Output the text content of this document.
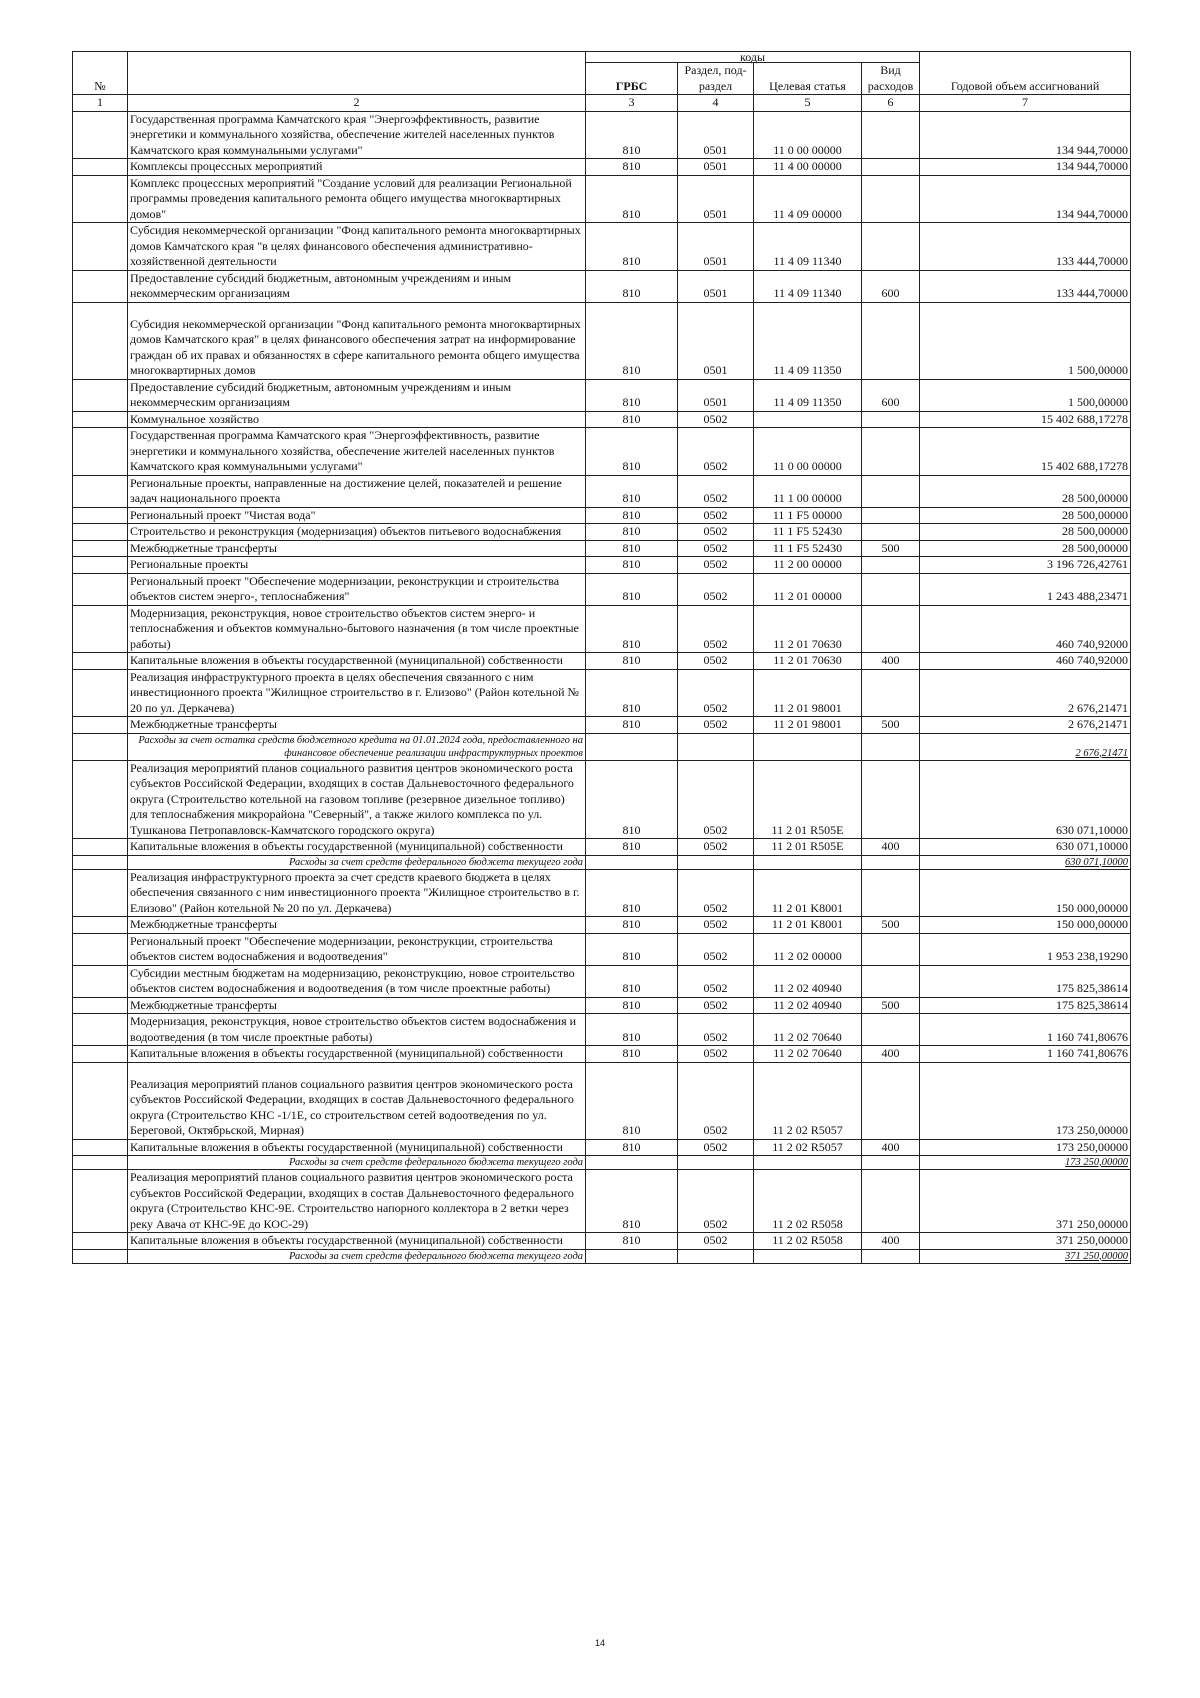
№		коды				Годовой объем ассигнований
		ГРБС	Раздел, под-раздел	Целевая статья	Вид расходов	
1	2	3	4	5	6	7
	Государственная программа Камчатского края "Энергоэффективность, развитие энергетики и коммунального хозяйства, обеспечение жителей населенных пунктов Камчатского края коммунальными услугами"	810	0501	11 0 00 00000		134 944,70000
	Комплексы процессных мероприятий	810	0501	11 4 00 00000		134 944,70000
	Комплекс процессных мероприятий "Создание условий для реализации Региональной программы проведения капитального ремонта общего имущества многоквартирных домов"	810	0501	11 4 09 00000		134 944,70000
	Субсидия некоммерческой организации "Фонд капитального ремонта многоквартирных домов Камчатского края "в целях финансового обеспечения административно-хозяйственной деятельности	810	0501	11 4 09 11340		133 444,70000
	Предоставление субсидий бюджетным, автономным учреждениям и иным некоммерческим организациям	810	0501	11 4 09 11340	600	133 444,70000
	Субсидия некоммерческой организации "Фонд капитального ремонта многоквартирных домов Камчатского края" в целях финансового обеспечения затрат на информирование граждан об их правах и обязанностях в сфере капитального ремонта общего имущества многоквартирных домов	810	0501	11 4 09 11350		1 500,00000
	Предоставление субсидий бюджетным, автономным учреждениям и иным некоммерческим организациям	810	0501	11 4 09 11350	600	1 500,00000
	Коммунальное хозяйство	810	0502			15 402 688,17278
	Государственная программа Камчатского края "Энергоэффективность, развитие энергетики и коммунального хозяйства, обеспечение жителей населенных пунктов Камчатского края коммунальными услугами"	810	0502	11 0 00 00000		15 402 688,17278
	Региональные проекты, направленные на достижение целей, показателей и решение задач национального проекта	810	0502	11 1 00 00000		28 500,00000
	Региональный проект "Чистая вода"	810	0502	11 1 F5 00000		28 500,00000
	Строительство и реконструкция (модернизация) объектов питьевого водоснабжения	810	0502	11 1 F5 52430		28 500,00000
	Межбюджетные трансферты	810	0502	11 1 F5 52430	500	28 500,00000
	Региональные проекты	810	0502	11 2 00 00000		3 196 726,42761
	Региональный проект "Обеспечение модернизации, реконструкции и строительства объектов систем энерго-, теплоснабжения"	810	0502	11 2 01 00000		1 243 488,23471
	Модернизация, реконструкция, новое строительство объектов систем энерго- и теплоснабжения и объектов коммунально-бытового назначения (в том числе проектные работы)	810	0502	11 2 01 70630		460 740,92000
	Капитальные вложения в объекты государственной (муниципальной) собственности	810	0502	11 2 01 70630	400	460 740,92000
	Реализация инфраструктурного проекта в целях обеспечения связанного с ним инвестиционного проекта "Жилищное строительство в г. Елизово" (Район котельной № 20 по ул. Деркачева)	810	0502	11 2 01 98001		2 676,21471
	Межбюджетные трансферты	810	0502	11 2 01 98001	500	2 676,21471
	Расходы за счет остатка средств бюджетного кредита на 01.01.2024 года, предоставленного на финансовое обеспечение реализации инфраструктурных проектов					2 676,21471
	Реализация мероприятий планов социального развития центров экономического роста субъектов Российской Федерации, входящих в состав Дальневосточного федерального округа (Строительство котельной на газовом топливе (резервное дизельное топливо) для теплоснабжения микрорайона "Северный", а также жилого комплекса по ул. Тушканова Петропавловск-Камчатского городского округа)	810	0502	11 2 01 R505E		630 071,10000
	Капитальные вложения в объекты государственной (муниципальной) собственности	810	0502	11 2 01 R505E	400	630 071,10000
	Расходы за счет средств федерального бюджета текущего года					630 071,10000
	Реализация инфраструктурного проекта за счет средств краевого бюджета в целях обеспечения связанного с ним инвестиционного проекта "Жилищное строительство в г. Елизово" (Район котельной № 20 по ул. Деркачева)	810	0502	11 2 01 K8001		150 000,00000
	Межбюджетные трансферты	810	0502	11 2 01 K8001	500	150 000,00000
	Региональный проект "Обеспечение модернизации, реконструкции, строительства объектов систем водоснабжения и водоотведения"	810	0502	11 2 02 00000		1 953 238,19290
	Субсидии местным бюджетам на модернизацию, реконструкцию, новое строительство объектов систем водоснабжения и водоотведения (в том числе проектные работы)	810	0502	11 2 02 40940		175 825,38614
	Межбюджетные трансферты	810	0502	11 2 02 40940	500	175 825,38614
	Модернизация, реконструкция, новое строительство объектов систем водоснабжения и водоотведения (в том числе проектные работы)	810	0502	11 2 02 70640		1 160 741,80676
	Капитальные вложения в объекты государственной (муниципальной) собственности	810	0502	11 2 02 70640	400	1 160 741,80676
	Реализация мероприятий планов социального развития центров экономического роста субъектов Российской Федерации, входящих в состав Дальневосточного федерального округа (Строительство КНС -1/1Е, со строительством сетей водоотведения по ул. Береговой, Октябрьской, Мирная)	810	0502	11 2 02 R5057		173 250,00000
	Капитальные вложения в объекты государственной (муниципальной) собственности	810	0502	11 2 02 R5057	400	173 250,00000
	Расходы за счет средств федерального бюджета текущего года					173 250,00000
	Реализация мероприятий планов социального развития центров экономического роста субъектов Российской Федерации, входящих в состав Дальневосточного федерального округа (Строительство КНС-9Е. Строительство напорного коллектора в 2 ветки через реку Авача от КНС-9Е до КОС-29)	810	0502	11 2 02 R5058		371 250,00000
	Капитальные вложения в объекты государственной (муниципальной) собственности	810	0502	11 2 02 R5058	400	371 250,00000
	Расходы за счет средств федерального бюджета текущего года					371 250,00000
14
